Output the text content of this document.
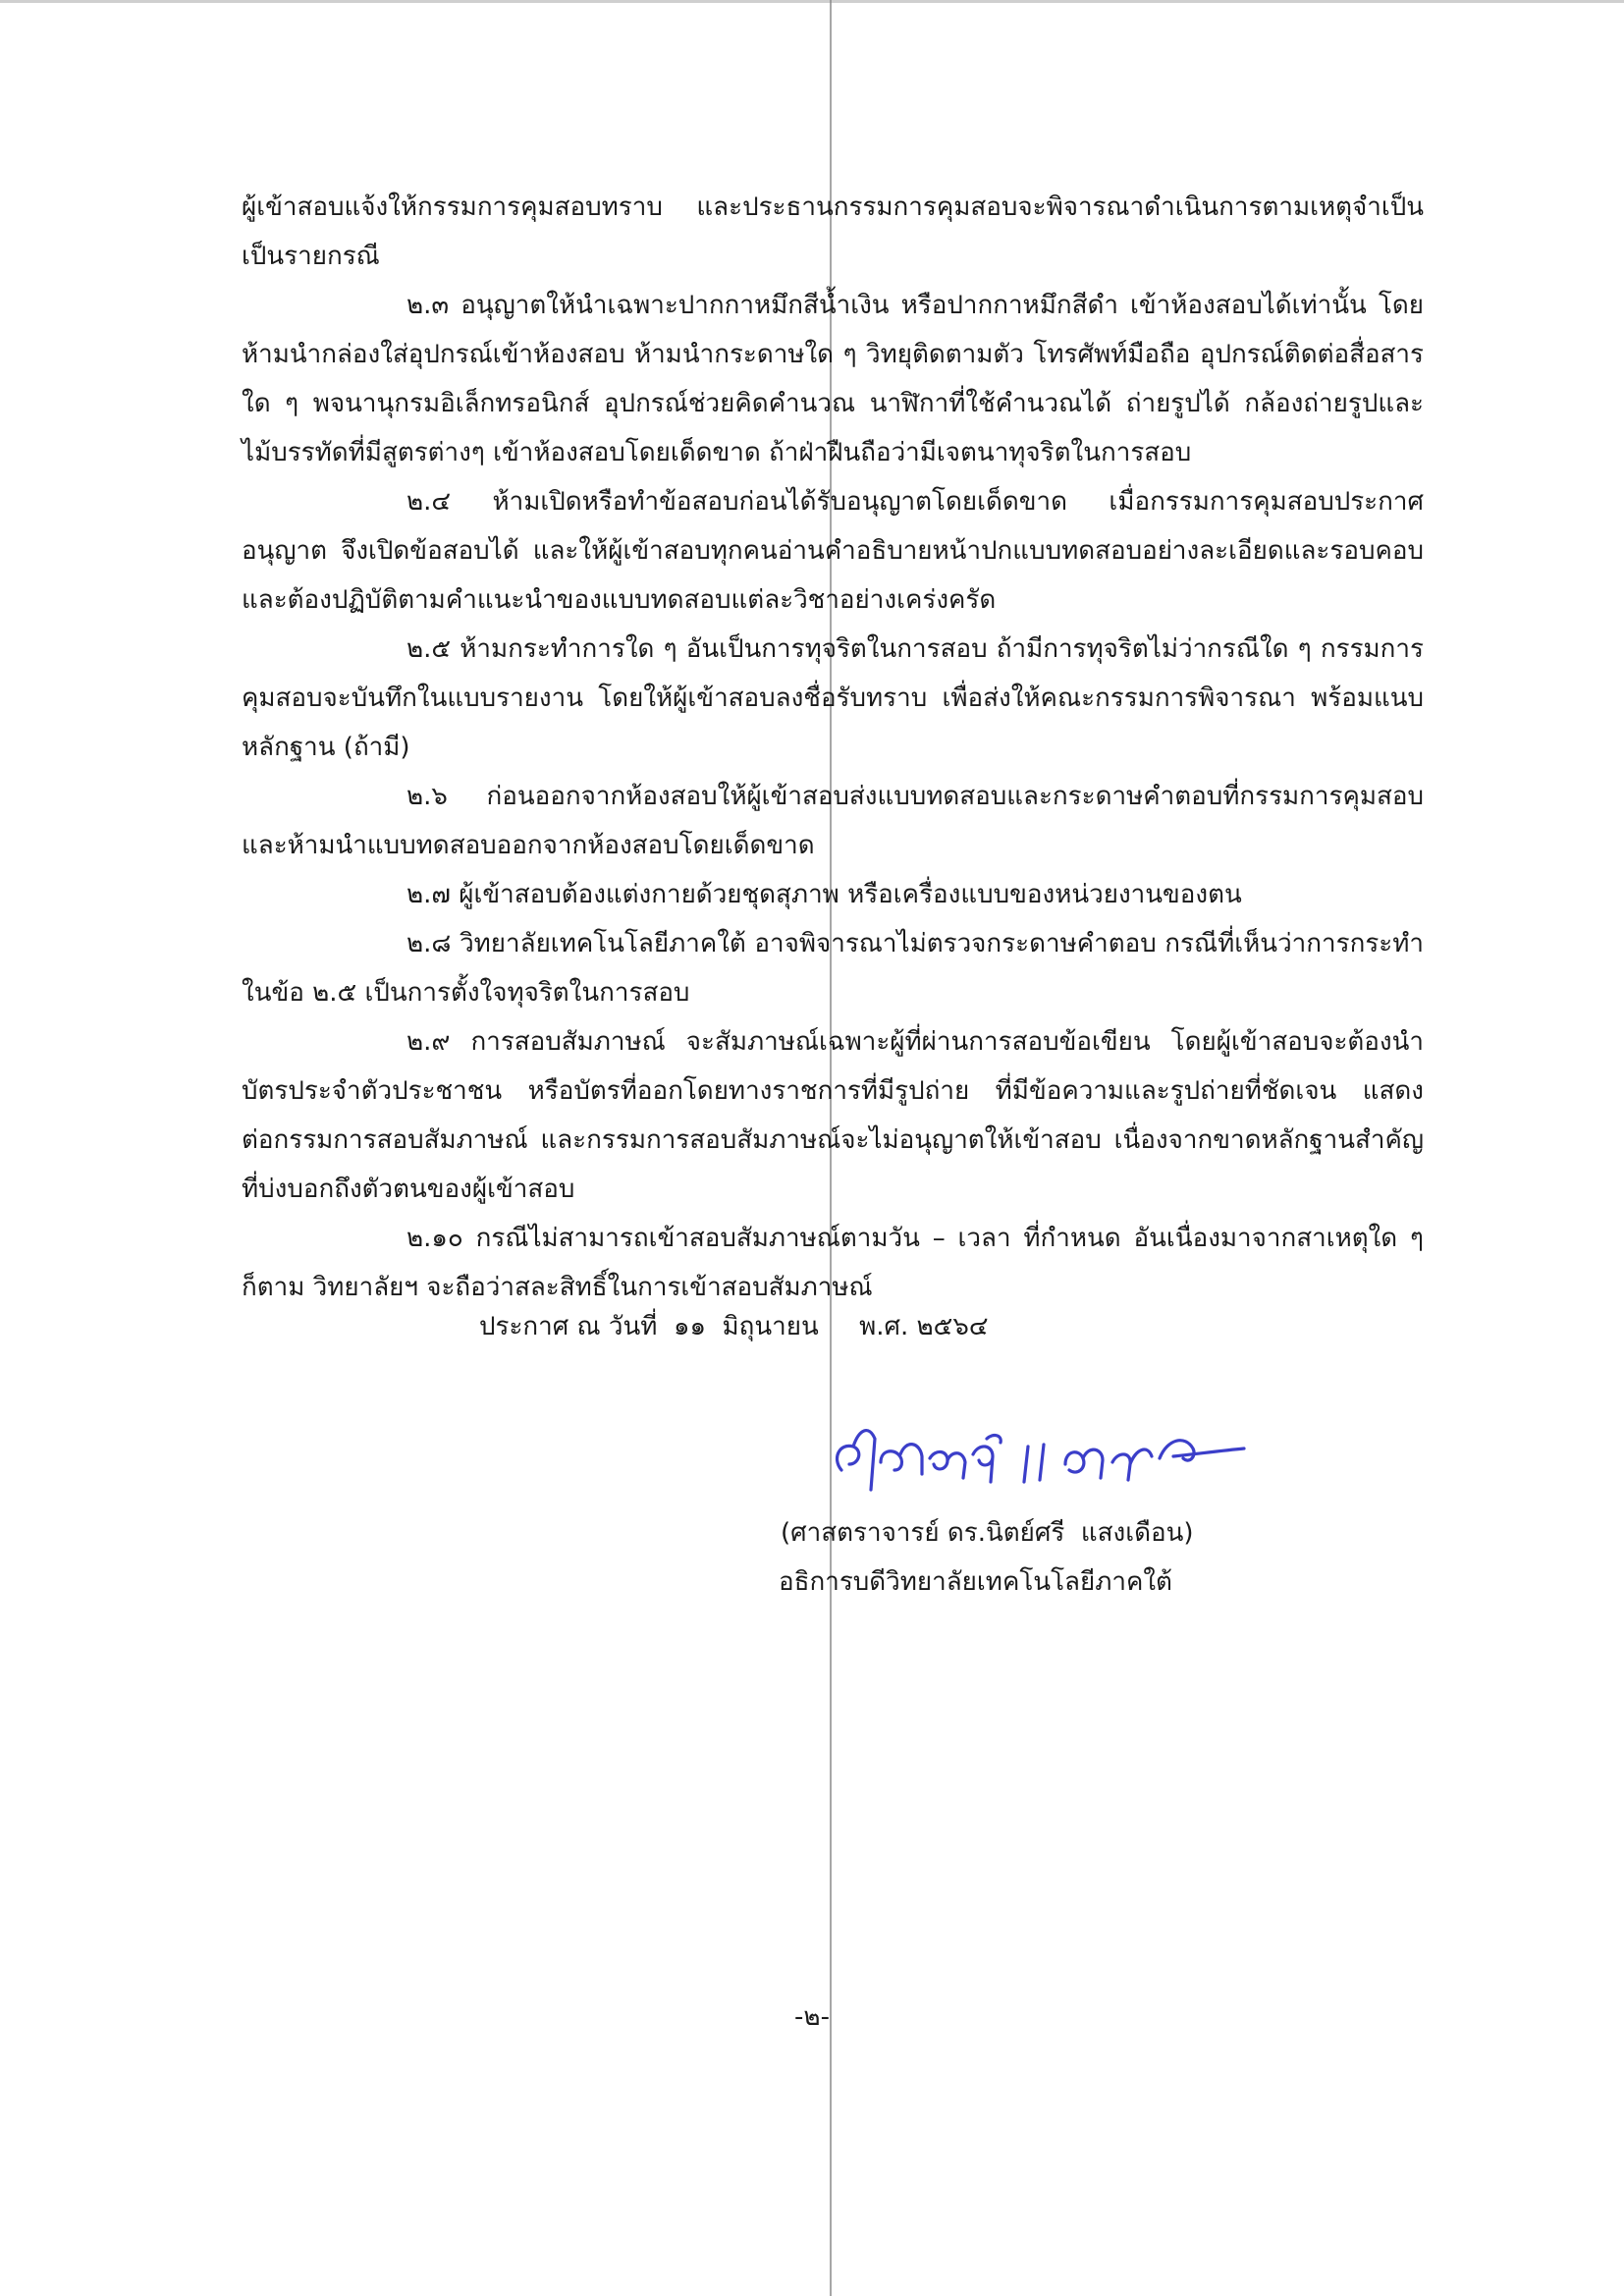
ผู้เข้าสอบแจ้งให้กรรมการคุมสอบทราบ และประธานกรรมการคุมสอบจะพิจารณาดำเนินการตามเหตุจำเป็นเป็นรายกรณี

๒.๓ อนุญาตให้นำเฉพาะปากกาหมึกสีน้ำเงิน หรือปากกาหมึกสีดำ เข้าห้องสอบได้เท่านั้น โดยห้ามนำกล่องใส่อุปกรณ์เข้าห้องสอบ ห้ามนำกระดาษใด ๆ วิทยุติดตามตัว โทรศัพท์มือถือ อุปกรณ์ติดต่อสื่อสารใด ๆ พจนานุกรมอิเล็กทรอนิกส์ อุปกรณ์ช่วยคิดคำนวณ นาฬิกาที่ใช้คำนวณได้ ถ่ายรูปได้ กล้องถ่ายรูปและไม้บรรทัดที่มีสูตรต่างๆ เข้าห้องสอบโดยเด็ดขาด ถ้าฝ่าฝืนถือว่ามีเจตนาทุจริตในการสอบ

๒.๔ ห้ามเปิดหรือทำข้อสอบก่อนได้รับอนุญาตโดยเด็ดขาด เมื่อกรรมการคุมสอบประกาศอนุญาต จึงเปิดข้อสอบได้ และให้ผู้เข้าสอบทุกคนอ่านคำอธิบายหน้าปกแบบทดสอบอย่างละเอียดและรอบคอบและต้องปฏิบัติตามคำแนะนำของแบบทดสอบแต่ละวิชาอย่างเคร่งครัด

๒.๕ ห้ามกระทำการใด ๆ อันเป็นการทุจริตในการสอบ ถ้ามีการทุจริตไม่ว่ากรณีใด ๆ กรรมการคุมสอบจะบันทึกในแบบรายงาน โดยให้ผู้เข้าสอบลงชื่อรับทราบ เพื่อส่งให้คณะกรรมการพิจารณา พร้อมแนบหลักฐาน (ถ้ามี)

๒.๖ ก่อนออกจากห้องสอบให้ผู้เข้าสอบส่งแบบทดสอบและกระดาษคำตอบที่กรรมการคุมสอบและห้ามนำแบบทดสอบออกจากห้องสอบโดยเด็ดขาด

๒.๗ ผู้เข้าสอบต้องแต่งกายด้วยชุดสุภาพ หรือเครื่องแบบของหน่วยงานของตน

๒.๘ วิทยาลัยเทคโนโลยีภาคใต้ อาจพิจารณาไม่ตรวจกระดาษคำตอบ กรณีที่เห็นว่าการกระทำในข้อ ๒.๕ เป็นการตั้งใจทุจริตในการสอบ

๒.๙ การสอบสัมภาษณ์ จะสัมภาษณ์เฉพาะผู้ที่ผ่านการสอบข้อเขียน โดยผู้เข้าสอบจะต้องนำบัตรประจำตัวประชาชน หรือบัตรที่ออกโดยทางราชการที่มีรูปถ่าย ที่มีข้อความและรูปถ่ายที่ชัดเจน แสดงต่อกรรมการสอบสัมภาษณ์ และกรรมการสอบสัมภาษณ์จะไม่อนุญาตให้เข้าสอบ เนื่องจากขาดหลักฐานสำคัญที่บ่งบอกถึงตัวตนของผู้เข้าสอบ

๒.๑๐ กรณีไม่สามารถเข้าสอบสัมภาษณ์ตามวัน – เวลา ที่กำหนด อันเนื่องมาจากสาเหตุใด ๆ ก็ตาม วิทยาลัยฯ จะถือว่าสละสิทธิ์ในการเข้าสอบสัมภาษณ์

ประกาศ ณ วันที่  ๑๑  มิถุนายน     พ.ศ. ๒๕๖๔
(ศาสตราจารย์ ดร.นิตย์ศรี  แสงเดือน)
อธิการบดีวิทยาลัยเทคโนโลยีภาคใต้
-๒-
